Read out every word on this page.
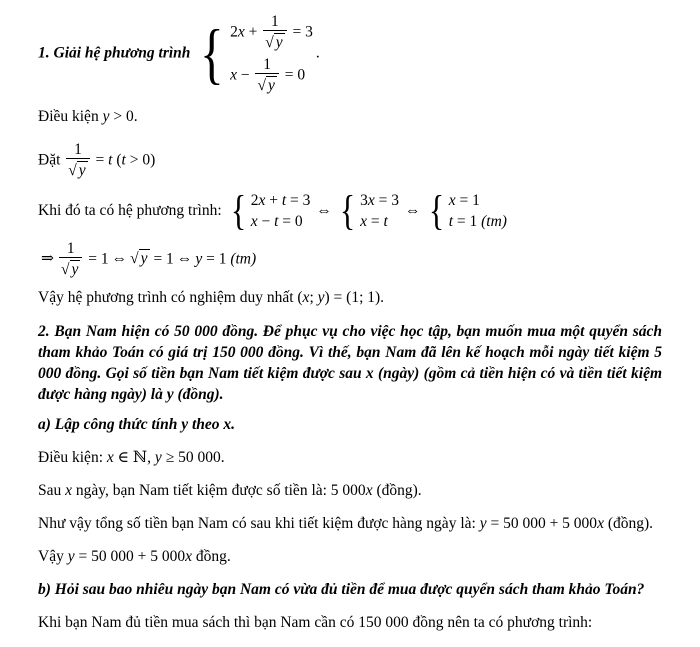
1. Giải hệ phương trình { $2x + \frac{1}{√ y} = 3$
$x - \frac{1}{√ y} = 0$
.

Điều kiện y > 0.

Đặt $\frac{1}{√ y} = t$ (t > 0)

Khi đó ta có hệ phương trình: { 2x + t = 3
x − t = 0
⇔ { 3x = 3
x = t
⇔ { x = 1
t = 1 (tm)

⇒ $\frac{1}{√ y} = 1$ ⇔ √ y = 1 ⇔ y = 1 (tm)

Vậy hệ phương trình có nghiệm duy nhất (x; y) = (1; 1).

2. Bạn Nam hiện có 50 000 đồng. Để phục vụ cho việc học tập, bạn muốn mua một quyển sách tham khảo Toán có giá trị 150 000 đồng. Vì thế, bạn Nam đã lên kế hoạch mỗi ngày tiết kiệm 5 000 đồng. Gọi số tiền bạn Nam tiết kiệm được sau x (ngày) (gồm cả tiền hiện có và tiền tiết kiệm được hàng ngày) là y (đồng).

a) Lập công thức tính y theo x.

Điều kiện: x ∈ ℕ, y ≥ 50 000.

Sau x ngày, bạn Nam tiết kiệm được số tiền là: 5 000x (đồng).

Như vậy tổng số tiền bạn Nam có sau khi tiết kiệm được hàng ngày là: y = 50 000 + 5 000x (đồng).

Vậy y = 50 000 + 5 000x đồng.

b) Hỏi sau bao nhiêu ngày bạn Nam có vừa đủ tiền để mua được quyển sách tham khảo Toán?

Khi bạn Nam đủ tiền mua sách thì bạn Nam cần có 150 000 đồng nên ta có phương trình:
